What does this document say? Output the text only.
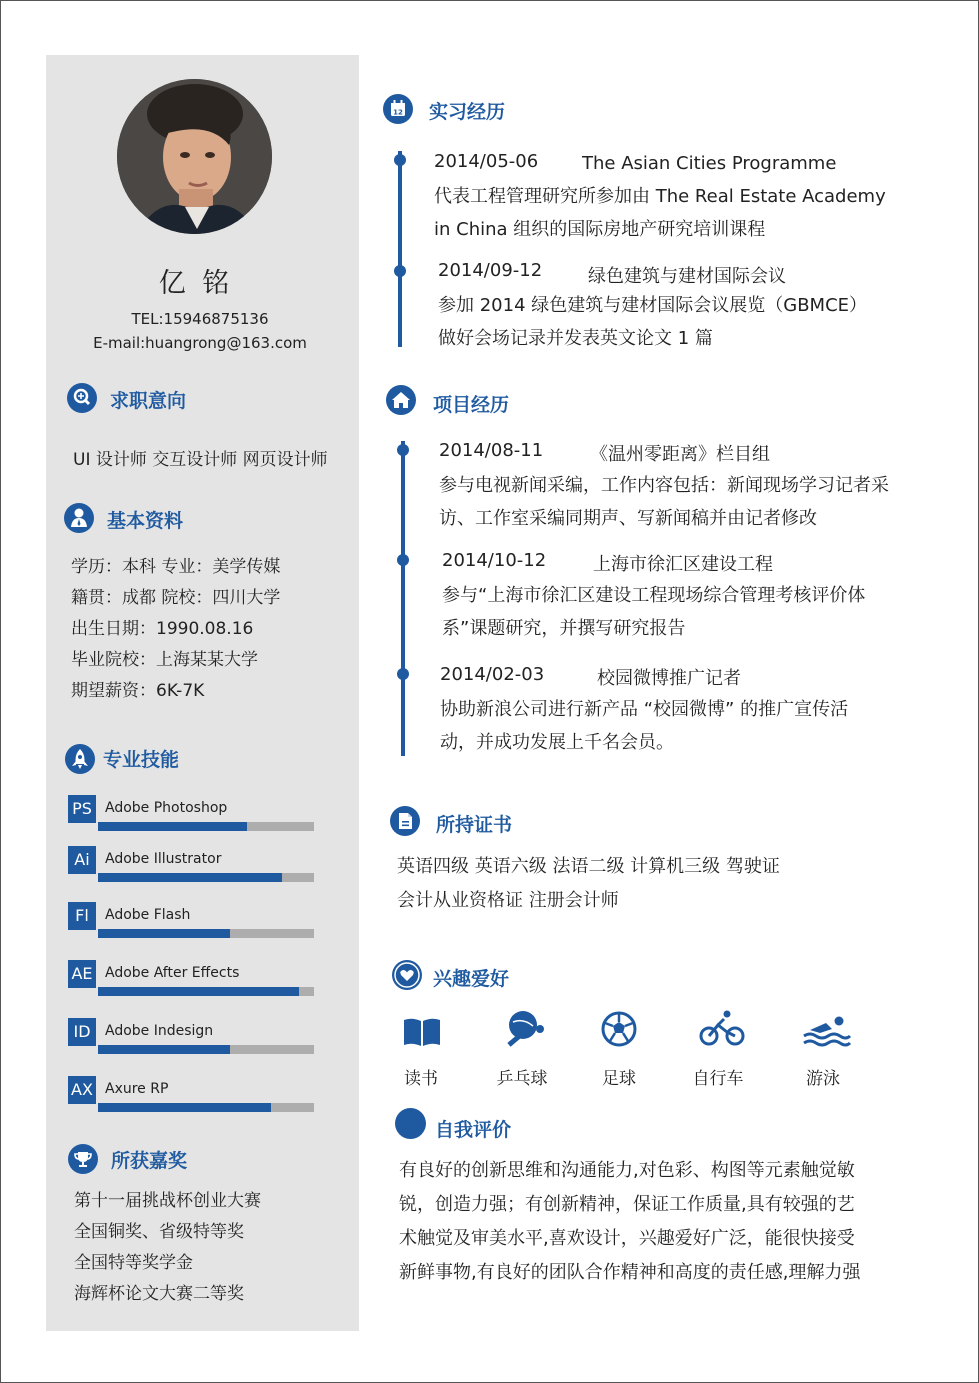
亿 铭
TEL:15946875136
E-mail:huangrong@163.com
求职意向
UI 设计师 交互设计师 网页设计师
基本资料
学历：本科 专业：美学传媒
籍贯：成都 院校：四川大学
出生日期：1990.08.16
毕业院校：上海某某大学
期望薪资：6K-7K
专业技能
PS Adobe Photoshop
Ai	Adobe Illustrator
Fl	Adobe Flash
AE Adobe After Effects
ID	Adobe Indesign
AX Axure RP
所获嘉奖
第十一届挑战杯创业大赛
全国铜奖、省级特等奖
全国特等奖学金
海辉杯论文大赛二等奖
12 实习经历
2014/05-06 The Asian Cities Programme
代表工程管理研究所参加由 The Real Estate Academy
in China 组织的国际房地产研究培训课程
2014/09-12	绿色建筑与建材国际会议
参加 2014 绿色建筑与建材国际会议展览（GBMCE）
做好会场记录并发表英文论文 1 篇
项目经历
2014/08-11	《温州零距离》栏目组
参与电视新闻采编，工作内容包括：新闻现场学习记者采
访、工作室采编同期声、写新闻稿并由记者修改
2014/10-12	上海市徐汇区建设工程
参与“上海市徐汇区建设工程现场综合管理考核评价体
系”课题研究，并撰写研究报告
2014/02-03	校园微博推广记者
协助新浪公司进行新产品 “校园微博” 的推广宣传活
动，并成功发展上千名会员。
所持证书
英语四级 英语六级 法语二级 计算机三级 驾驶证
会计从业资格证 注册会计师
兴趣爱好
读书	乒乓球	足球	自行车	游泳
自我评价
有良好的创新思维和沟通能力,对色彩、构图等元素触觉敏
锐，创造力强；有创新精神，保证工作质量,具有较强的艺
术触觉及审美水平,喜欢设计，兴趣爱好广泛，能很快接受
新鲜事物,有良好的团队合作精神和高度的责任感,理解力强
